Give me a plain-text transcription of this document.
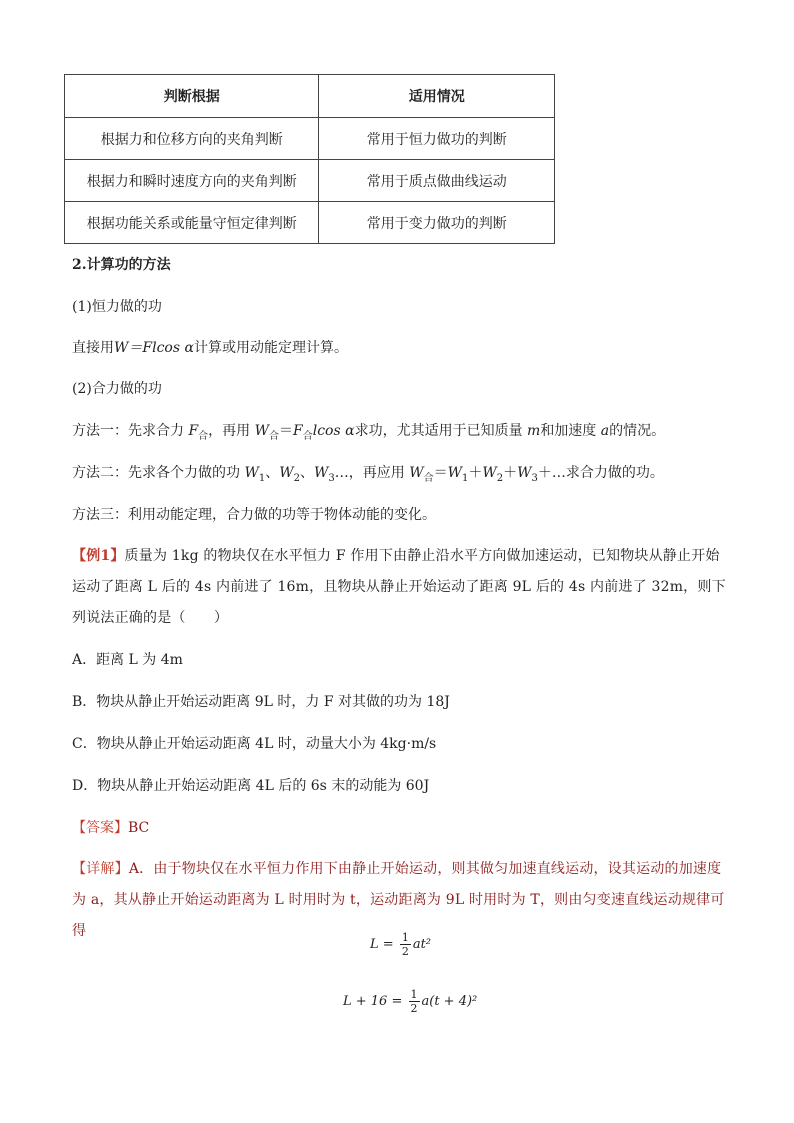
判断根据	适用情况
根据力和位移方向的夹角判断	常用于恒力做功的判断
根据力和瞬时速度方向的夹角判断	常用于质点做曲线运动
根据功能关系或能量守恒定律判断	常用于变力做功的判断
2.计算功的方法
(1)恒力做的功
直接用W＝Flcos α计算或用动能定理计算。
(2)合力做的功
方法一：先求合力 $F_合$，再用 $W_合=F_合lcos$ α求功，尤其适用于已知质量 m和加速度 a的情况。
方法二：先求各个力做的功 $W_1$、$W_2$、$W_3\dots$，再应用 $W_合=W_1+W_2+W_3+\dots$求合力做的功。
方法三：利用动能定理，合力做的功等于物体动能的变化。
【例1】质量为 1kg 的物块仅在水平恒力 F 作用下由静止沿水平方向做加速运动，已知物块从静止开始运动了距离 L 后的 4s 内前进了 16m，且物块从静止开始运动了距离 9L 后的 4s 内前进了 32m，则下列说法正确的是（　　）
A．距离 L 为 4m
B．物块从静止开始运动距离 9L 时，力 F 对其做的功为 18J
C．物块从静止开始运动距离 4L 时，动量大小为 4kg·m/s
D．物块从静止开始运动距离 4L 后的 6s 末的动能为 60J
【答案】BC
【详解】A．由于物块仅在水平恒力作用下由静止开始运动，则其做匀加速直线运动，设其运动的加速度为 a，其从静止开始运动距离为 L 时用时为 t，运动距离为 9L 时用时为 T，则由匀变速直线运动规律可得
$L = \frac{1}{2} at^2$
$L + 16 = \frac{1}{2} a(t + 4)^2$
